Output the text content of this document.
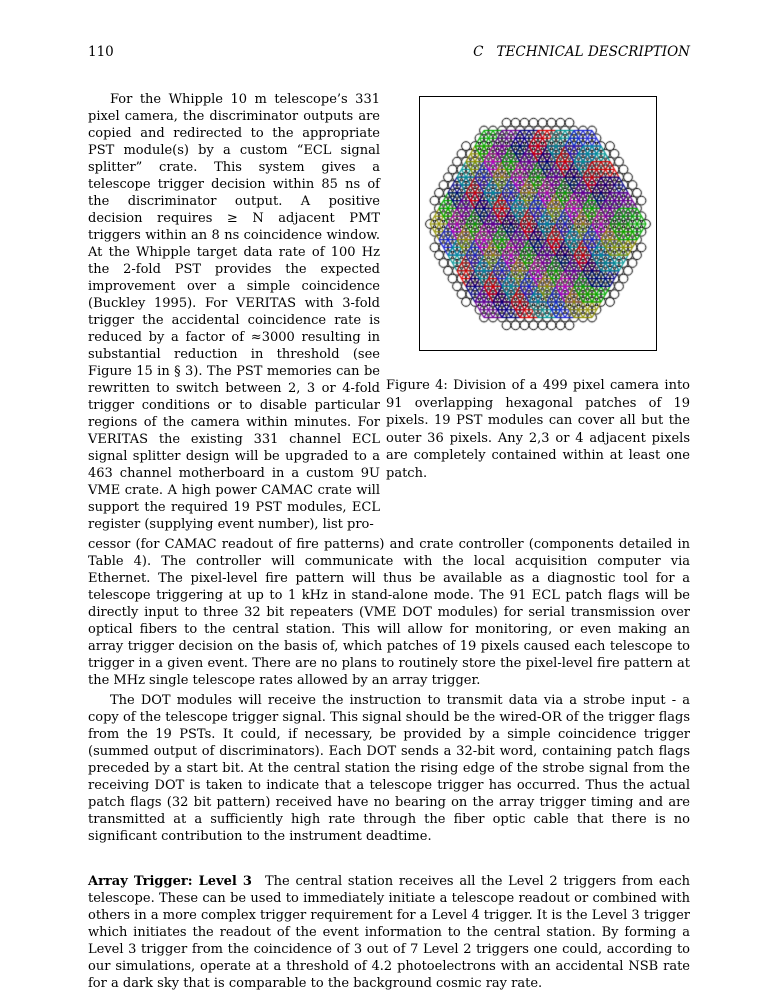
110	C TECHNICAL DESCRIPTION
For the Whipple 10 m telescope’s 331 pixel camera, the discriminator outputs are copied and redirected to the appropriate PST module(s) by a custom “ECL signal splitter” crate. This system gives a telescope trigger decision within 85 ns of the discriminator output. A positive decision requires ≥ N adjacent PMT triggers within an 8 ns coincidence window. At the Whipple target data rate of 100 Hz the 2-fold PST provides the expected improvement over a simple coincidence (Buckley 1995). For VERITAS with 3-fold trigger the accidental coincidence rate is reduced by a factor of ≈3000 resulting in substantial reduction in threshold (see Figure 15 in § 3). The PST memories can be rewritten to switch between 2, 3 or 4-fold trigger conditions or to disable particular regions of the camera within minutes. For VERITAS the existing 331 channel ECL signal splitter design will be upgraded to a 463 channel motherboard in a custom 9U VME crate. A high power CAMAC crate will support the required 19 PST modules, ECL register (supplying event number), list pro-
Figure 4: Division of a 499 pixel camera into 91 overlapping hexagonal patches of 19 pixels. 19 PST modules can cover all but the outer 36 pixels. Any 2,3 or 4 adjacent pixels are completely contained within at least one patch.
cessor (for CAMAC readout of fire patterns) and crate controller (components detailed in Table 4). The controller will communicate with the local acquisition computer via Ethernet. The pixel-level fire pattern will thus be available as a diagnostic tool for a telescope triggering at up to 1 kHz in stand-alone mode. The 91 ECL patch flags will be directly input to three 32 bit repeaters (VME DOT modules) for serial transmission over optical fibers to the central station. This will allow for monitoring, or even making an array trigger decision on the basis of, which patches of 19 pixels caused each telescope to trigger in a given event. There are no plans to routinely store the pixel-level fire pattern at the MHz single telescope rates allowed by an array trigger.
The DOT modules will receive the instruction to transmit data via a strobe input - a copy of the telescope trigger signal. This signal should be the wired-OR of the trigger flags from the 19 PSTs. It could, if necessary, be provided by a simple coincidence trigger (summed output of discriminators). Each DOT sends a 32-bit word, containing patch flags preceded by a start bit. At the central station the rising edge of the strobe signal from the receiving DOT is taken to indicate that a telescope trigger has occurred. Thus the actual patch flags (32 bit pattern) received have no bearing on the array trigger timing and are transmitted at a sufficiently high rate through the fiber optic cable that there is no significant contribution to the instrument deadtime.
Array Trigger: Level 3 The central station receives all the Level 2 triggers from each telescope. These can be used to immediately initiate a telescope readout or combined with others in a more complex trigger requirement for a Level 4 trigger. It is the Level 3 trigger which initiates the readout of the event information to the central station. By forming a Level 3 trigger from the coincidence of 3 out of 7 Level 2 triggers one could, according to our simulations, operate at a threshold of 4.2 photoelectrons with an accidental NSB rate for a dark sky that is comparable to the background cosmic ray rate.
